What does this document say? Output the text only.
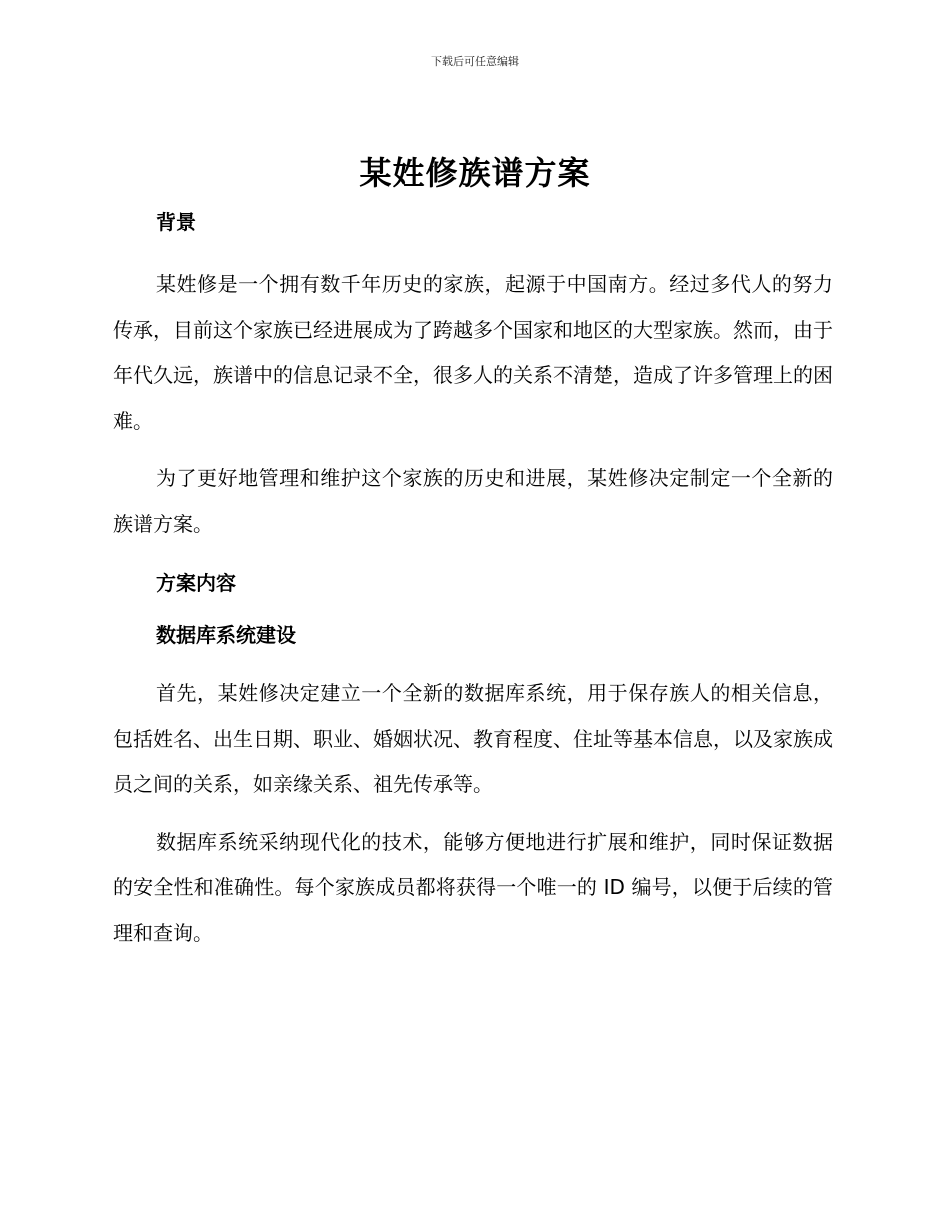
下载后可任意编辑
某姓修族谱方案
背景

某姓修是一个拥有数千年历史的家族，起源于中国南方。经过多代人的努力传承，目前这个家族已经进展成为了跨越多个国家和地区的大型家族。然而，由于年代久远，族谱中的信息记录不全，很多人的关系不清楚，造成了许多管理上的困难。

为了更好地管理和维护这个家族的历史和进展，某姓修决定制定一个全新的族谱方案。

方案内容
数据库系统建设

首先，某姓修决定建立一个全新的数据库系统，用于保存族人的相关信息，包括姓名、出生日期、职业、婚姻状况、教育程度、住址等基本信息，以及家族成员之间的关系，如亲缘关系、祖先传承等。

数据库系统采纳现代化的技术，能够方便地进行扩展和维护，同时保证数据的安全性和准确性。每个家族成员都将获得一个唯一的 ID 编号，以便于后续的管理和查询。
